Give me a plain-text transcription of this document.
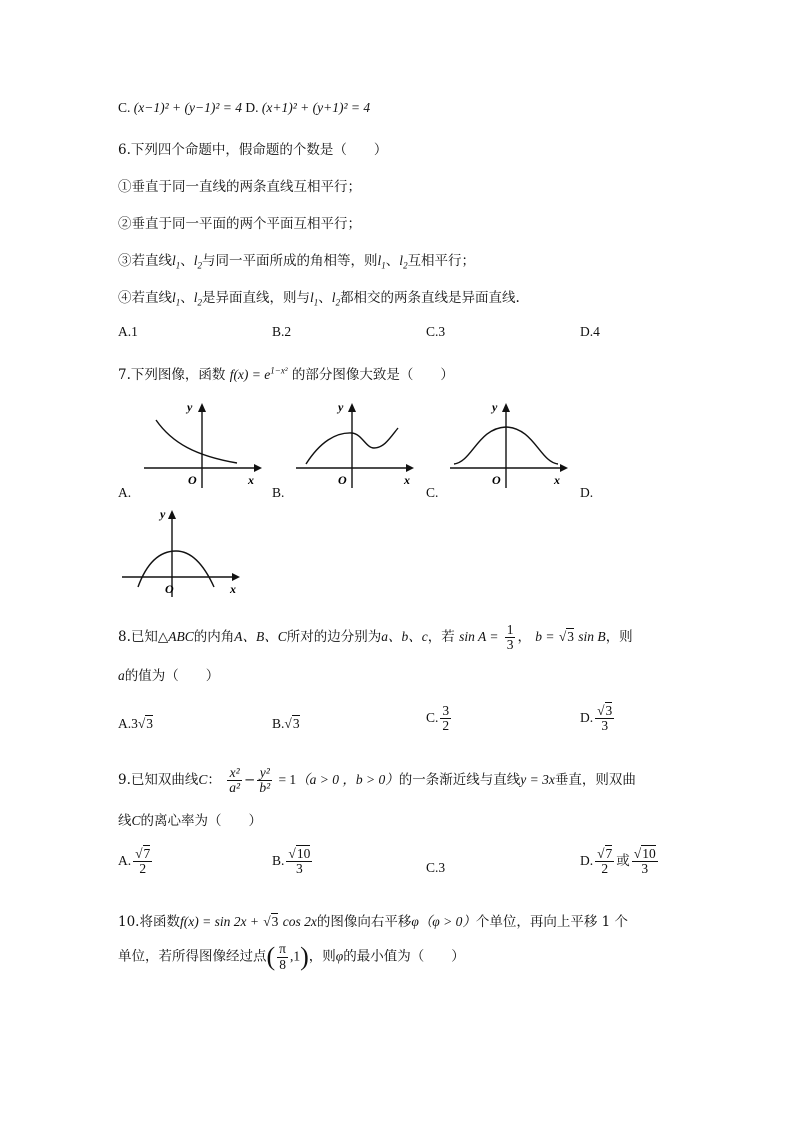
C. (x−1)² + (y−1)² = 4 D. (x+1)² + (y+1)² = 4
6.下列四个命题中，假命题的个数是（　　）
①垂直于同一直线的两条直线互相平行；
②垂直于同一平面的两个平面互相平行；
③若直线$l_1$、$l_2$与同一平面所成的角相等，则$l_1$、$l_2$互相平行；
④若直线$l_1$、$l_2$是异面直线，则与$l_1$、$l_2$都相交的两条直线是异面直线.
A.1	B.2	C.3	D.4
7.下列图像，函数 $f(x) = e^{1-x^2}$ 的部分图像大致是（　　）
y
x
O
A.
y
x
O
B.
y
x
O
C.	D.
y
x
O
8.已知△ABC的内角A、B、C所对的边分别为a、b、c，若 $\sin A = \frac{1}{3}$ ， b = √3 sin B，则
a的值为（　　）
A.3√3	B.√3	C. $\frac{3}{2}$	D. $\frac{√3}{3}$
9.已知双曲线C： $\frac{\text{x²}}{\text{a²}} - \frac{\text{y²}}{\text{b²}} = 1(a > 0$ ，b > 0）的一条渐近线与直线y = 3x垂直，则双曲
线C的离心率为（　　）
A. $\frac{√7}{2}$	B. $\frac{√10}{3}$	C.3	D. $\frac{√7}{2}$ 或 $\frac{√10}{3}$
10.将函数f(x) = sin 2x + √3 cos 2x的图像向右平移φ（φ > 0）个单位，再向上平移 1 个
单位，若所得图像经过点( $\frac{\pi}{8} ,1$)，则φ的最小值为（　　）
